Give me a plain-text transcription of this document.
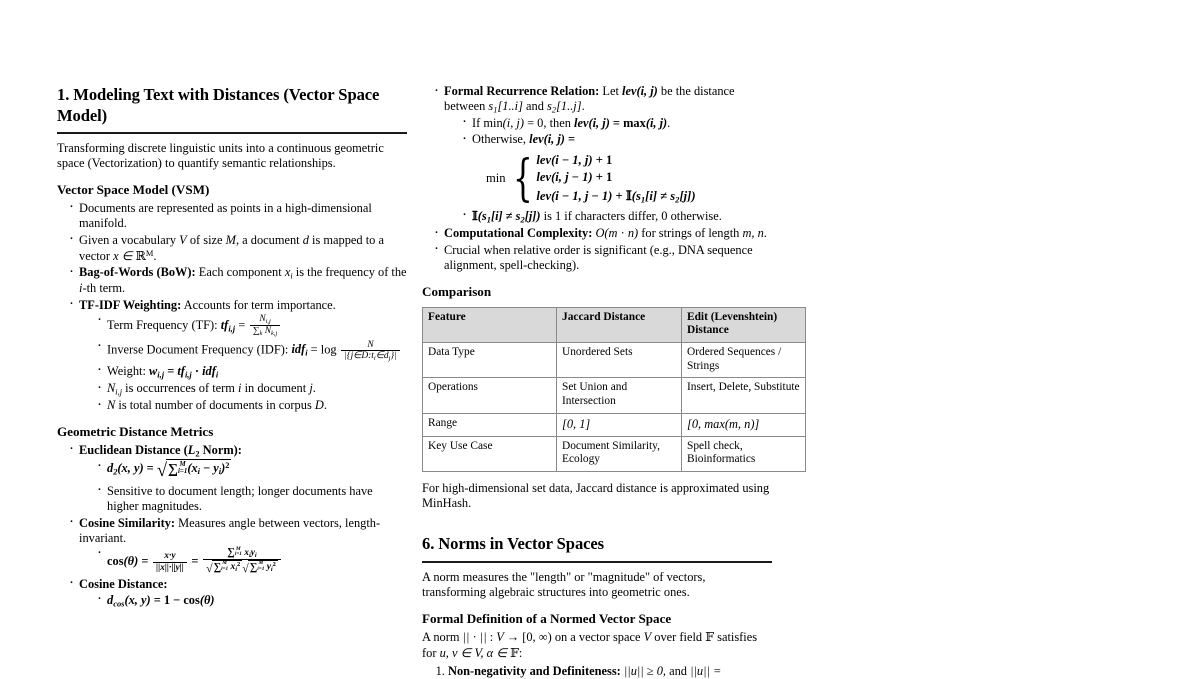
1. Modeling Text with Distances (Vector Space Model)

Transforming discrete linguistic units into a continuous geometric space (Vectorization) to quantify semantic relationships.

Vector Space Model (VSM)
· Documents are represented as points in a high-dimensional manifold.
· Given a vocabulary V of size M, a document d is mapped to a vector x ∈ ℝ$^M$.
· Bag-of-Words (BoW): Each component $x_i$ is the frequency of the i-th term.
· TF-IDF Weighting: Accounts for term importance.
· Term Frequency (TF): $tf_{i,j} = \frac{N_{i,j}}{\sum_k N_{k,j}}$
· Inverse Document Frequency (IDF): $idf_i = \log \frac{N}{|\{j\in D:t_i\in d_j\}|}$
· Weight: $w_{i,j} = tf_{i,j} \cdot idf_i$
· $N_{i,j}$ is occurrences of term i in document j.
· N is total number of documents in corpus D.
Geometric Distance Metrics
· Euclidean Distance ($L_2$ Norm):
· $d_2(x$, y) = √∑ M
i=1 $(x_i - y_i)^2$
· Sensitive to document length; longer documents have higher magnitudes.
· Cosine Similarity: Measures angle between vectors, length-invariant.
· $\cos(\theta) = \frac{x\cdot y}{||x||\cdot||y||}$ = ∑ M
i=1 $x_iy_i$
√∑ M
i=1 $x_i^2$ √∑ M
i=1 $y_i^2$
· Cosine Distance:
· $d_{cos}(x$, y) = 1 − cos(θ)
· Formal Recurrence Relation: Let lev(i, j) be the distance between $s_1[1..i]$ and $s_2[1..j]$.
· If min(i, j) = 0, then lev(i, j) = max(i, j).
· Otherwise, lev(i, j) =
min { lev(i − 1, j) + 1
lev(i, j − 1) + 1
lev(i − 1, $j - 1) + 𝕀(s_1[i] \ne s_2[j])$
· $𝕀(s_1[i] \ne s_2[j])$ is 1 if characters differ, 0 otherwise.
· Computational Complexity: O(m · n) for strings of length m, n.
· Crucial when relative order is significant (e.g., DNA sequence alignment, spell-checking).
Comparison
Feature	Jaccard Distance	Edit (Levenshtein) Distance
Data Type	Unordered Sets	Ordered Sequences / Strings
Operations	Set Union and Intersection	Insert, Delete, Substitute
Range	[0, 1]	[0, max(m, n)]
Key Use Case	Document Similarity, Ecology	Spell check, Bioinformatics

For high-dimensional set data, Jaccard distance is approximated using MinHash.

6. Norms in Vector Spaces

A norm measures the "length" or "magnitude" of vectors, transforming algebraic structures into geometric ones.

Formal Definition of a Normed Vector Space

A norm || · || : V → [0, ∞) on a vector space V over field 𝔽 satisfies for u, v ∈ V, α ∈ 𝔽:

1. Non-negativity and Definiteness: ||u|| ≥ 0, and ||u|| =
